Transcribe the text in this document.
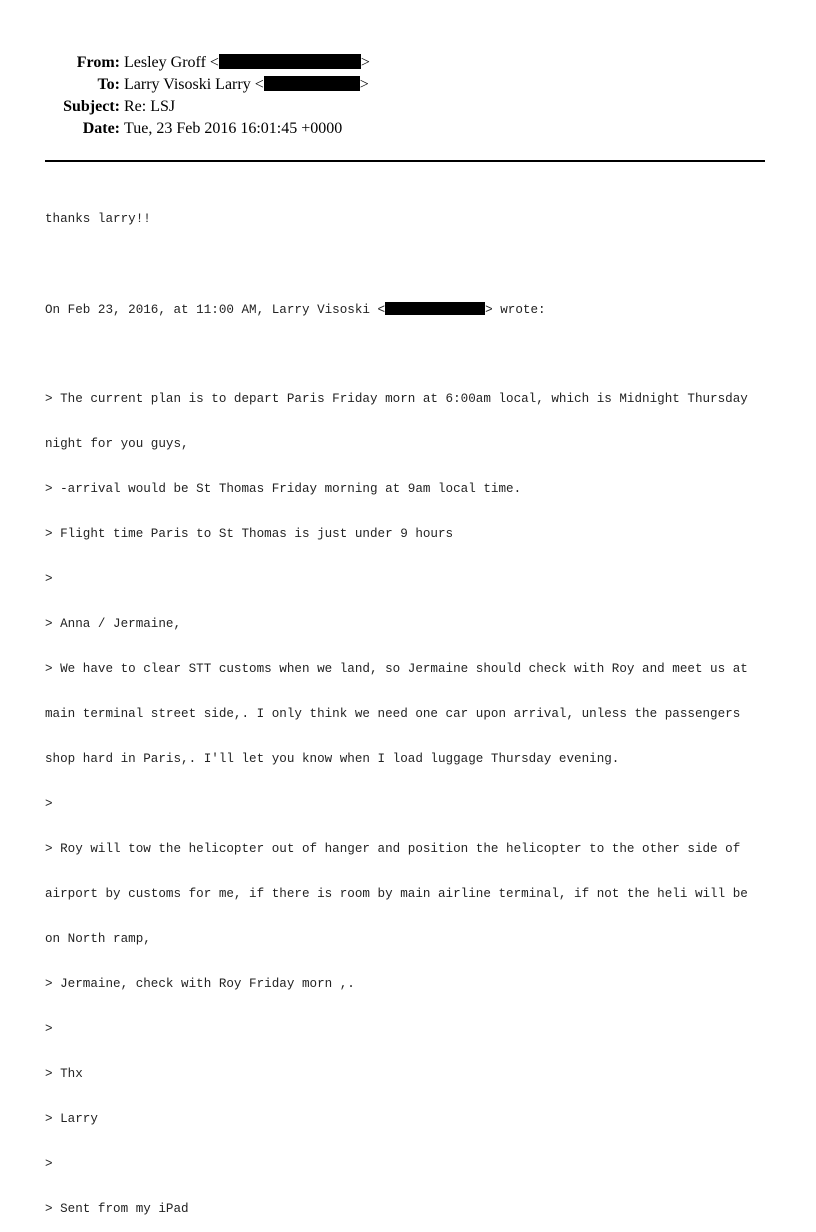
From: Lesley Groff <	>
To: Larry Visoski Larry <	>
Subject: Re: LSJ
Date: Tue, 23 Feb 2016 16:01:45 +0000

thanks larry!!

On Feb 23, 2016, at 11:00 AM, Larry Visoski <	> wrote:

> The current plan is to depart Paris Friday morn at 6:00am local, which is Midnight Thursday

night for you guys,

> -arrival would be St Thomas Friday morning at 9am local time.

> Flight time Paris to St Thomas is just under 9 hours

>

> Anna / Jermaine,

> We have to clear STT customs when we land, so Jermaine should check with Roy and meet us at

main terminal street side,. I only think we need one car upon arrival, unless the passengers

shop hard in Paris,. I'll let you know when I load luggage Thursday evening.

>

> Roy will tow the helicopter out of hanger and position the helicopter to the other side of

airport by customs for me, if there is room by main airline terminal, if not the heli will be

on North ramp,

> Jermaine, check with Roy Friday morn ,.

>

> Thx

> Larry

>

> Sent from my iPad
